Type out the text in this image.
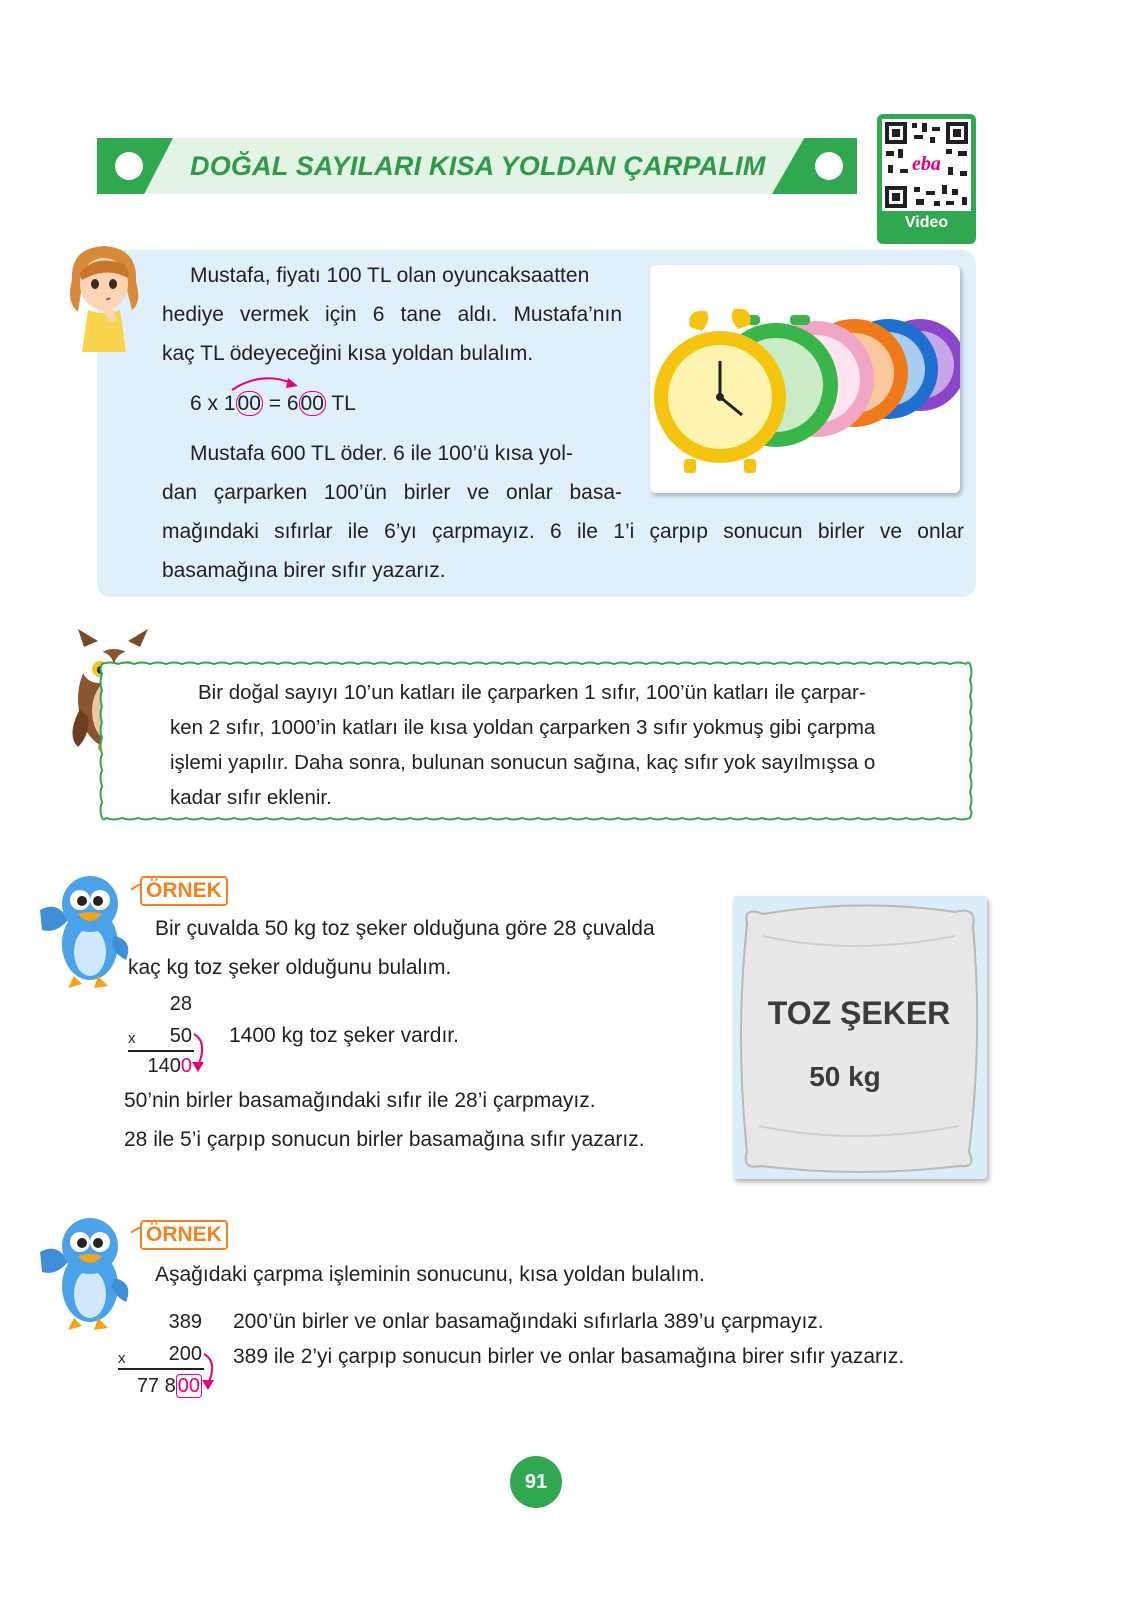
DOĞAL SAYILARI KISA YOLDAN ÇARPALIM	eba
Video
Mustafa, fiyatı 100 TL olan oyuncaksaatten
hediye vermek için 6 tane aldı. Mustafa’nın
kaç TL ödeyeceğini kısa yoldan bulalım.
6 x 100 = 600 TL
Mustafa 600 TL öder. 6 ile 100’ü kısa yol-
dan çarparken 100’ün birler ve onlar basa-
mağındaki sıfırlar ile 6’yı çarpmayız. 6 ile 1’i çarpıp sonucun birler ve onlar
basamağına birer sıfır yazarız.
Bir doğal sayıyı 10’un katları ile çarparken 1 sıfır, 100’ün katları ile çarpar-
ken 2 sıfır, 1000’in katları ile kısa yoldan çarparken 3 sıfır yokmuş gibi çarpma
işlemi yapılır. Daha sonra, bulunan sonucun sağına, kaç sıfır yok sayılmışsa o
kadar sıfır eklenir.
ÖRNEK
Bir çuvalda 50 kg toz şeker olduğuna göre 28 çuvalda
kaç kg toz şeker olduğunu bulalım.
28
x	50
1400
1400 kg toz şeker vardır.
50’nin birler basamağındaki sıfır ile 28’i çarpmayız.
28 ile 5’i çarpıp sonucun birler basamağına sıfır yazarız.
TOZ ŞEKER
50 kg
ÖRNEK
Aşağıdaki çarpma işleminin sonucunu, kısa yoldan bulalım.
389
x	200
77 8 00
200’ün birler ve onlar basamağındaki sıfırlarla 389’u çarpmayız.
389 ile 2’yi çarpıp sonucun birler ve onlar basamağına birer sıfır yazarız.
91
